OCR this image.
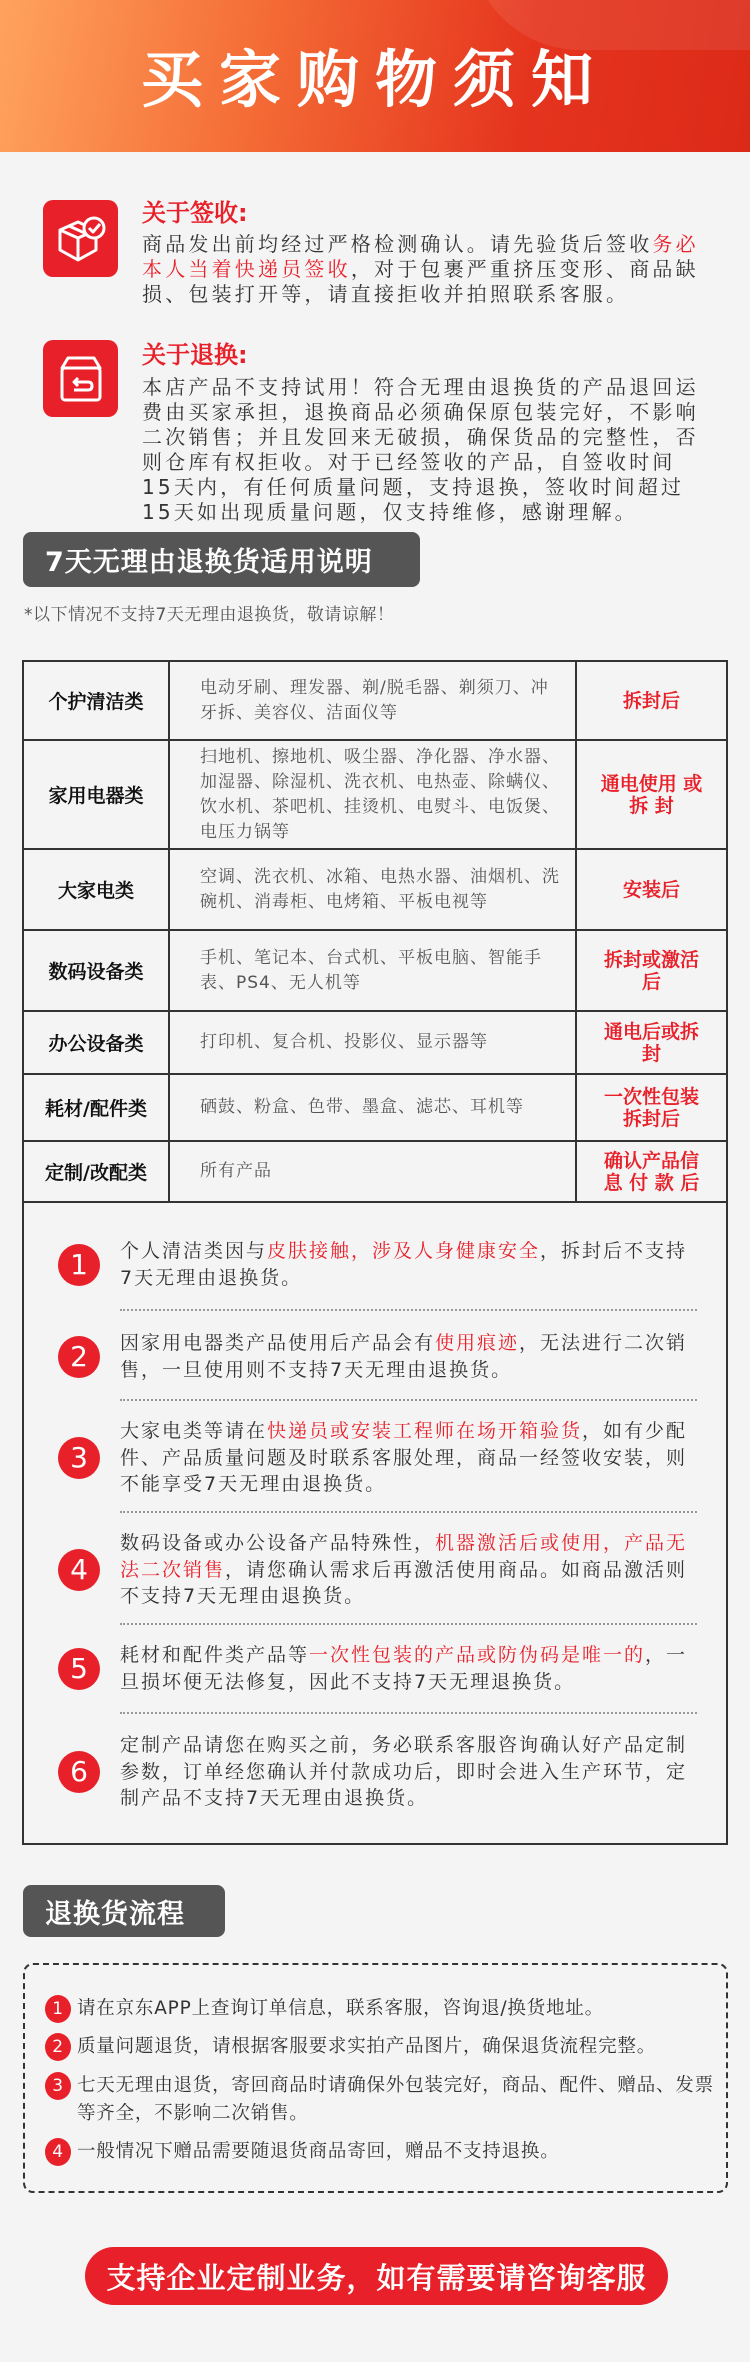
买家购物须知
关于签收:
商品发出前均经过严格检测确认。请先验货后签收务必本人当着快递员签收，对于包裹严重挤压变形、商品缺损、包装打开等，请直接拒收并拍照联系客服。
关于退换:
本店产品不支持试用！符合无理由退换货的产品退回运费由买家承担，退换商品必须确保原包装完好，不影响二次销售；并且发回来无破损，确保货品的完整性，否则仓库有权拒收。对于已经签收的产品，自签收时间15天内，有任何质量问题，支持退换，签收时间超过15天如出现质量问题，仅支持维修，感谢理解。
7天无理由退换货适用说明
*以下情况不支持7天无理由退换货，敬请谅解！
个护清洁类	电动牙刷、理发器、剃/脱毛器、剃须刀、冲牙拆、美容仪、洁面仪等	拆封后
家用电器类	扫地机、擦地机、吸尘器、净化器、净水器、加湿器、除湿机、洗衣机、电热壶、除螨仪、饮水机、茶吧机、挂烫机、电熨斗、电饭煲、电压力锅等	通电使用 或 拆 封
大家电类	空调、洗衣机、冰箱、电热水器、油烟机、洗碗机、消毒柜、电烤箱、平板电视等	安装后
数码设备类	手机、笔记本、台式机、平板电脑、智能手表、PS4、无人机等	拆封或激活后
办公设备类	打印机、复合机、投影仪、显示器等	通电后或拆封
耗材/配件类	硒鼓、粉盒、色带、墨盒、滤芯、耳机等	一次性包装拆封后
定制/改配类	所有产品	确认产品信 息 付 款 后
1	个人清洁类因与皮肤接触，涉及人身健康安全，拆封后不支持7天无理由退换货。
2	因家用电器类产品使用后产品会有使用痕迹，无法进行二次销售，一旦使用则不支持7天无理由退换货。
3
大家电类等请在快递员或安装工程师在场开箱验货，如有少配件、产品质量问题及时联系客服处理，商品一经签收安装，则不能享受7天无理由退换货。
4
数码设备或办公设备产品特殊性，机器激活后或使用，产品无法二次销售，请您确认需求后再激活使用商品。如商品激活则不支持7天无理由退换货。
5	耗材和配件类产品等一次性包装的产品或防伪码是唯一的，一旦损坏便无法修复，因此不支持7天无理退换货。
6
定制产品请您在购买之前，务必联系客服咨询确认好产品定制参数，订单经您确认并付款成功后，即时会进入生产环节，定制产品不支持7天无理由退换货。
退换货流程
1 请在京东APP上查询订单信息，联系客服，咨询退/换货地址。
2 质量问题退货，请根据客服要求实拍产品图片，确保退货流程完整。
3 七天无理由退货，寄回商品时请确保外包装完好，商品、配件、赠品、发票等齐全，不影响二次销售。
4 一般情况下赠品需要随退货商品寄回，赠品不支持退换。
支持企业定制业务，如有需要请咨询客服
